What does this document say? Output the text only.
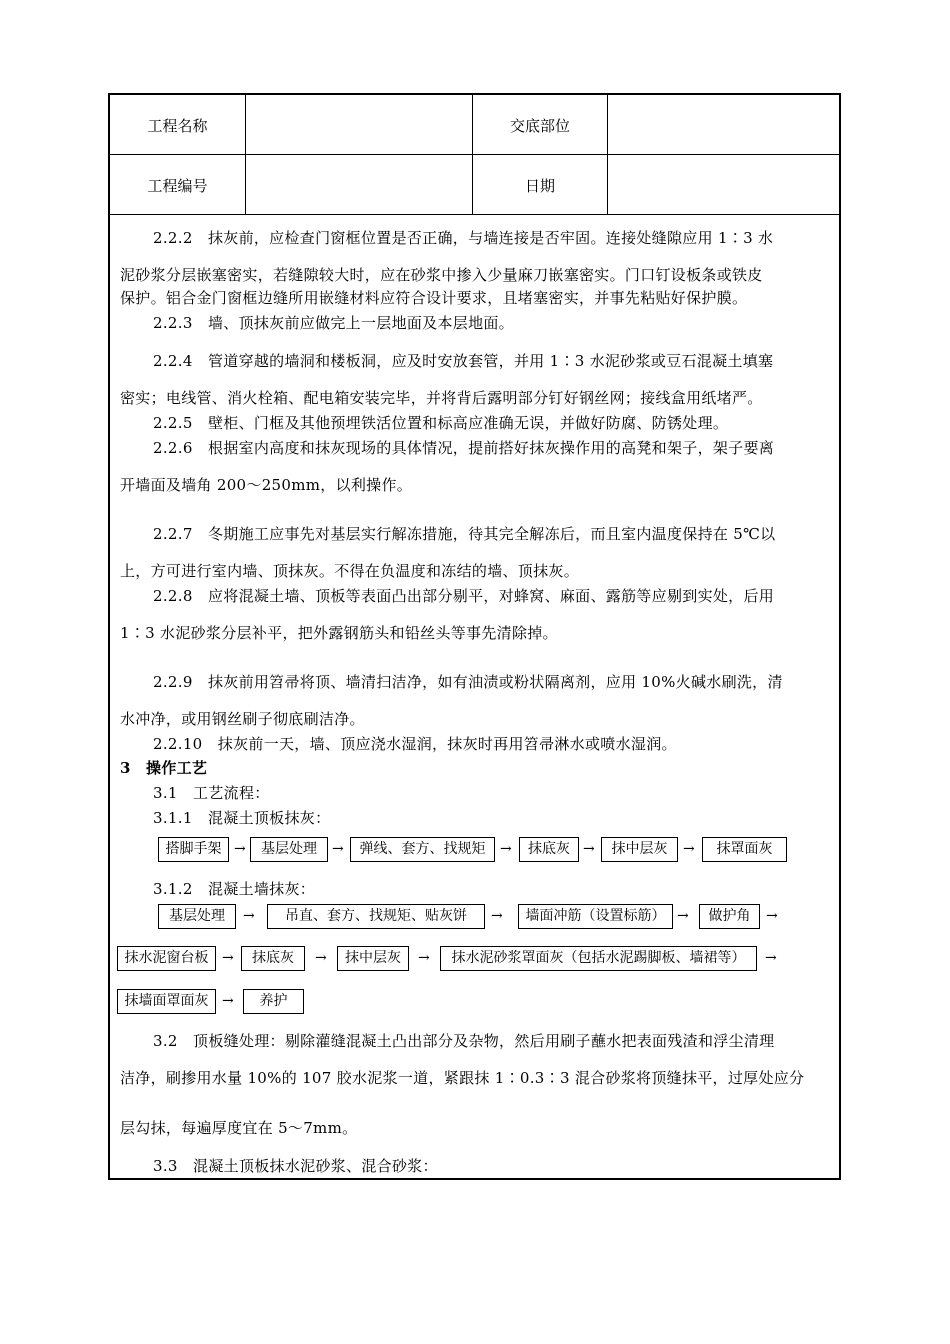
工程名称	交底部位
工程编号	日期
2.2.2　抹灰前，应检查门窗框位置是否正确，与墙连接是否牢固。连接处缝隙应用 1∶3 水
泥砂浆分层嵌塞密实，若缝隙较大时，应在砂浆中掺入少量麻刀嵌塞密实。门口钉设板条或铁皮
保护。铝合金门窗框边缝所用嵌缝材料应符合设计要求，且堵塞密实，并事先粘贴好保护膜。
2.2.3　墙、顶抹灰前应做完上一层地面及本层地面。
2.2.4　管道穿越的墙洞和楼板洞，应及时安放套管，并用 1∶3 水泥砂浆或豆石混凝土填塞
密实；电线管、消火栓箱、配电箱安装完毕，并将背后露明部分钉好钢丝网；接线盒用纸堵严。
2.2.5　壁柜、门框及其他预埋铁活位置和标高应准确无误，并做好防腐、防锈处理。
2.2.6　根据室内高度和抹灰现场的具体情况，提前搭好抹灰操作用的高凳和架子，架子要离
开墙面及墙角 200～250mm，以利操作。
2.2.7　冬期施工应事先对基层实行解冻措施，待其完全解冻后，而且室内温度保持在 5℃以
上，方可进行室内墙、顶抹灰。不得在负温度和冻结的墙、顶抹灰。
2.2.8　应将混凝土墙、顶板等表面凸出部分剔平，对蜂窝、麻面、露筋等应剔到实处，后用
1∶3 水泥砂浆分层补平，把外露钢筋头和铅丝头等事先清除掉。
2.2.9　抹灰前用笤帚将顶、墙清扫洁净，如有油渍或粉状隔离剂，应用 10%火碱水刷洗，清
水冲净，或用钢丝刷子彻底刷洁净。
2.2.10　抹灰前一天，墙、顶应浇水湿润，抹灰时再用笤帚淋水或喷水湿润。
3　操作工艺
3.1　工艺流程：
3.1.1　混凝土顶板抹灰：
搭脚手架 →	基层处理	→	弹线、套方、找规矩	→	抹底灰 →	抹中层灰	→	抹罩面灰
3.1.2　混凝土墙抹灰：
基层处理	→	吊直、套方、找规矩、贴灰饼	→	墙面冲筋（设置标筋） →	做护角	→
抹水泥窗台板 →	抹底灰	→	抹中层灰	→	抹水泥砂浆罩面灰（包括水泥踢脚板、墙裙等）	→
抹墙面罩面灰 →	养护
3.2　顶板缝处理：剔除灌缝混凝土凸出部分及杂物，然后用刷子蘸水把表面残渣和浮尘清理
洁净，刷掺用水量 10%的 107 胶水泥浆一道，紧跟抹 1∶0.3∶3 混合砂浆将顶缝抹平，过厚处应分
层勾抹，每遍厚度宜在 5～7mm。
3.3　混凝土顶板抹水泥砂浆、混合砂浆：
